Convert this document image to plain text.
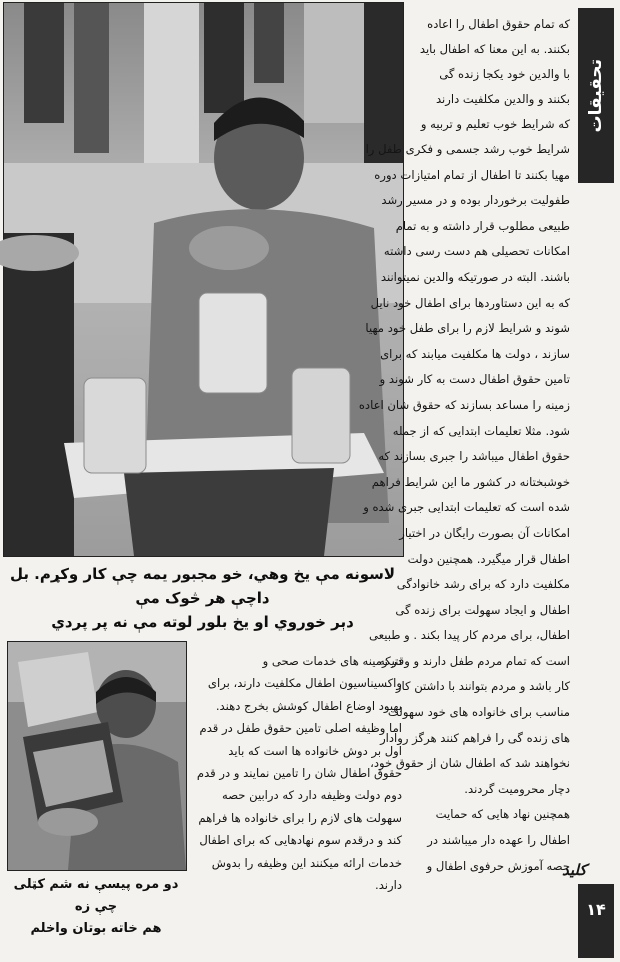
لاسونه مې یخ وهي، خو مجبور یمه چې کار وکړم. بل داچې هر څوک مې
دېر خوروي او یخ بلور لوته مې نه پر پردي
دو مره پیسې نه شم کټلی چې زه
هم خاته بوتان واخلم

که تمام حقوق اطفال را اعاده

بکنند. به این معنا که اطفال باید

با والدین خود یکجا زنده گی

بکنند و والدین مکلفیت دارند

که شرایط خوب تعلیم و تربیه و

شرایط خوب رشد جسمی و فکری طفل را

مهیا بکنند تا اطفال از تمام امتیازات دوره

طفولیت برخوردار بوده و در مسیر رشد

طبیعی مطلوب قرار داشته و به تمام

امکانات تحصیلی هم دست رسی داشته

باشند. البته در صورتیکه والدین نمیتوانند

که به این دستاوردها برای اطفال خود نایل

شوند و شرایط لازم را برای طفل خود مهیا

سازند ، دولت ها مکلفیت میابند که برای

تامین حقوق اطفال دست به کار شوند و

زمینه را مساعد بسازند که حقوق شان اعاده

شود. مثلا تعلیمات ابتدایی که از جمله

حقوق اطفال میباشد را جبری بسازند که

خوشبختانه در کشور ما این شرایط فراهم

شده است که تعلیمات ابتدایی جبری شده و

امکانات آن بصورت رایگان در اختیار

اطفال قرار میگیرد. همچنین دولت

مکلفیت دارد که برای رشد خانوادگی

اطفال و ایجاد سهولت برای زنده گی

اطفال، برای مردم کار پیدا بکند . و طبیعی

است که تمام مردم طفل دارند و وقتیکه

کار باشد و مردم بتوانند با داشتن کار

مناسب برای خانواده های خود سهولت

های زنده گی را فراهم کنند هرگز روادار

نخواهند شد که اطفال شان از حقوق خود،

دچار محرومیت گردند.

همچنین نهاد هایی که حمایت

اطفال را عهده دار میباشند در

حصه آموزش حرفوی اطفال و

در زمینه های خدمات صحی و

واکسیناسیون اطفال مکلفیت دارند، برای

بهبود اوضاع اطفال کوشش بخرج دهند.

اما وظیفه اصلی تامین حقوق طفل در قدم

اول بر دوش خانواده ها است که باید

حقوق اطفال شان را تامین نمایند و در قدم

دوم دولت وظیفه دارد که درابین حصه

سهولت های لازم را برای خانواده ها فراهم

کند و درقدم سوم نهادهایی که برای اطفال

خدمات ارائه میکنند این وظیفه را بدوش

دارند.

تحقیقات
کلید
۱۴
